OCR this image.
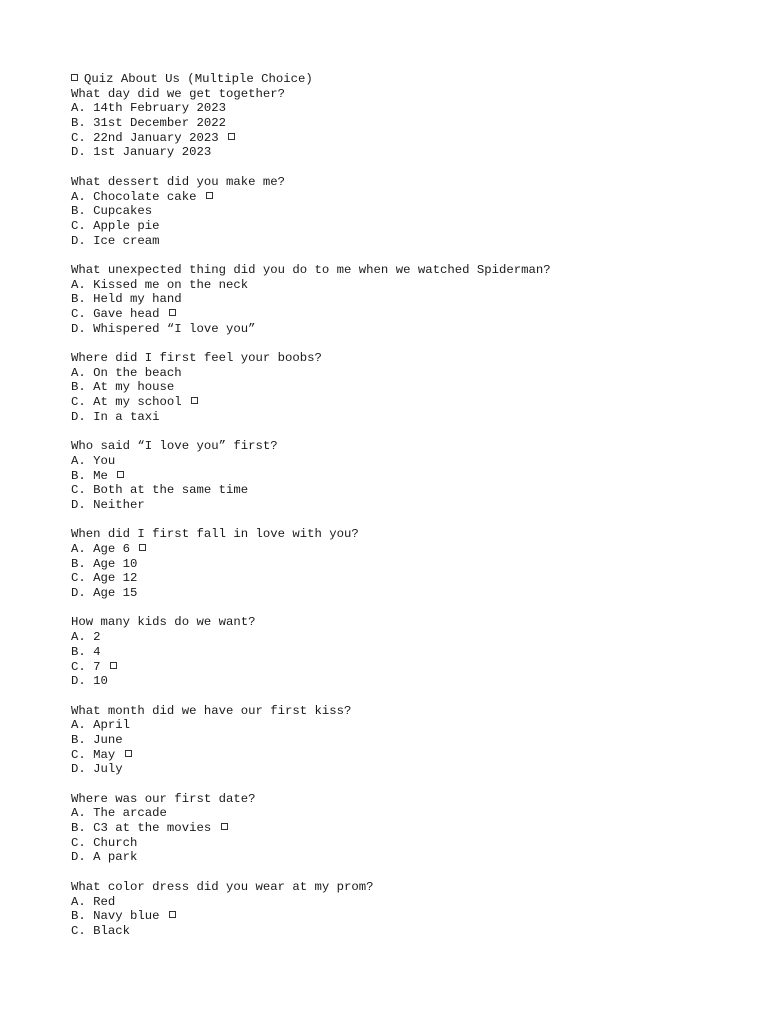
Quiz About Us (Multiple Choice)
What day did we get together?
A. 14th February 2023
B. 31st December 2022
C. 22nd January 2023
D. 1st January 2023
What dessert did you make me?
A. Chocolate cake
B. Cupcakes
C. Apple pie
D. Ice cream
What unexpected thing did you do to me when we watched Spiderman?
A. Kissed me on the neck
B. Held my hand
C. Gave head
D. Whispered “I love you”
Where did I first feel your boobs?
A. On the beach
B. At my house
C. At my school
D. In a taxi
Who said “I love you” first?
A. You
B. Me
C. Both at the same time
D. Neither
When did I first fall in love with you?
A. Age 6
B. Age 10
C. Age 12
D. Age 15
How many kids do we want?
A. 2
B. 4
C. 7
D. 10
What month did we have our first kiss?
A. April
B. June
C. May
D. July
Where was our first date?
A. The arcade
B. C3 at the movies
C. Church
D. A park
What color dress did you wear at my prom?
A. Red
B. Navy blue
C. Black
